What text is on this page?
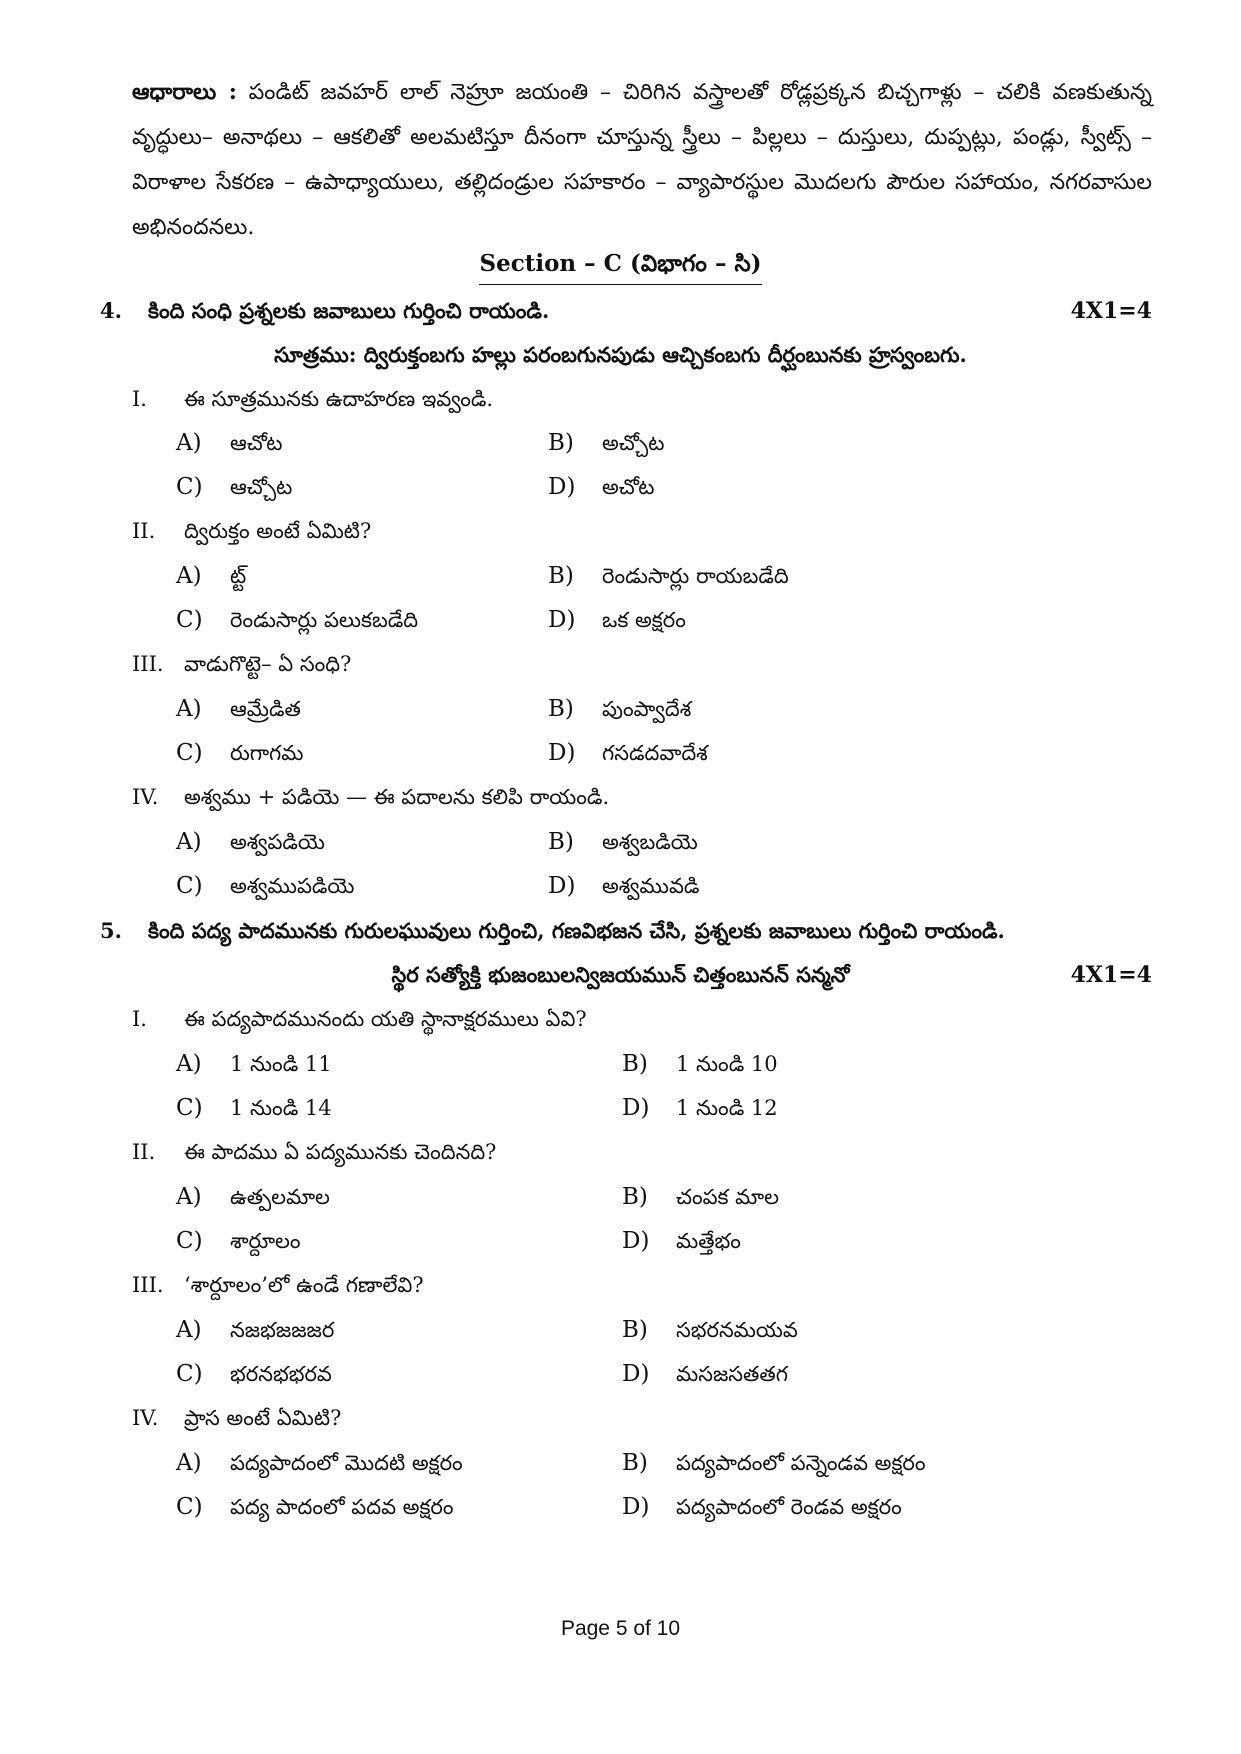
ఆధారాలు : పండిట్ జవహర్ లాల్ నెహ్రూ జయంతి – చిరిగిన వస్త్రాలతో రోడ్లప్రక్కన బిచ్చగాళ్లు – చలికి వణకుతున్న వృద్ధులు– అనాథలు – ఆకలితో అలమటిస్తూ దీనంగా చూస్తున్న స్త్రీలు – పిల్లలు – దుస్తులు, దుప్పట్లు, పండ్లు, స్వీట్స్ – విరాళాల సేకరణ – ఉపాధ్యాయులు, తల్లిదండ్రుల సహకారం – వ్యాపారస్థుల మొదలగు పౌరుల సహాయం, నగరవాసుల అభినందనలు.
Section – C (విభాగం – సి)
4. కింది సంధి ప్రశ్నలకు జవాబులు గుర్తించి రాయండి.	4X1=4
సూత్రము: ద్విరుక్తంబగు హల్లు పరంబగునపుడు ఆచ్చికంబగు దీర్ఘంబునకు హ్రస్వంబగు.
I. ఈ సూత్రమునకు ఉదాహరణ ఇవ్వండి.
A) ఆచోట	B) అచ్చోట
C) ఆచ్చోట	D) అచోట
II. ద్విరుక్తం అంటే ఏమిటి?
A) ట్ట్	B) రెండుసార్లు రాయబడేది
C) రెండుసార్లు పలుకబడేది	D) ఒక అక్షరం
III. వాడుగొట్టె– ఏ సంధి?
A) ఆమ్రేడిత	B) పుంప్వాదేశ
C) రుగాగమ	D) గసడదవాదేశ
IV. అశ్వము + పడియె — ఈ పదాలను కలిపి రాయండి.
A) అశ్వపడియె	B) అశ్వబడియె
C) అశ్వముపడియె	D) అశ్వమువడి
5. కింది పద్య పాదమునకు గురులఘువులు గుర్తించి, గణవిభజన చేసి, ప్రశ్నలకు జవాబులు గుర్తించి రాయండి.
స్థిర సత్యోక్తి భుజంబులన్విజయమున్ చిత్తంబునన్ సన్మనో	4X1=4
I. ఈ పద్యపాదమునందు యతి స్థానాక్షరములు ఏవి?
A) 1 నుండి 11	B) 1 నుండి 10
C) 1 నుండి 14	D) 1 నుండి 12
II. ఈ పాదము ఏ పద్యమునకు చెందినది?
A) ఉత్పలమాల	B) చంపక మాల
C) శార్దూలం	D) మత్తేభం
III. ‘శార్దూలం’లో ఉండే గణాలేవి?
A) నజభజజజర	B) సభరనమయవ
C) భరనభభరవ	D) మసజసతతగ
IV. ప్రాస అంటే ఏమిటి?
A) పద్యపాదంలో మొదటి అక్షరం	B) పద్యపాదంలో పన్నెండవ అక్షరం
C) పద్య పాదంలో పదవ అక్షరం	D) పద్యపాదంలో రెండవ అక్షరం
Page 5 of 10
